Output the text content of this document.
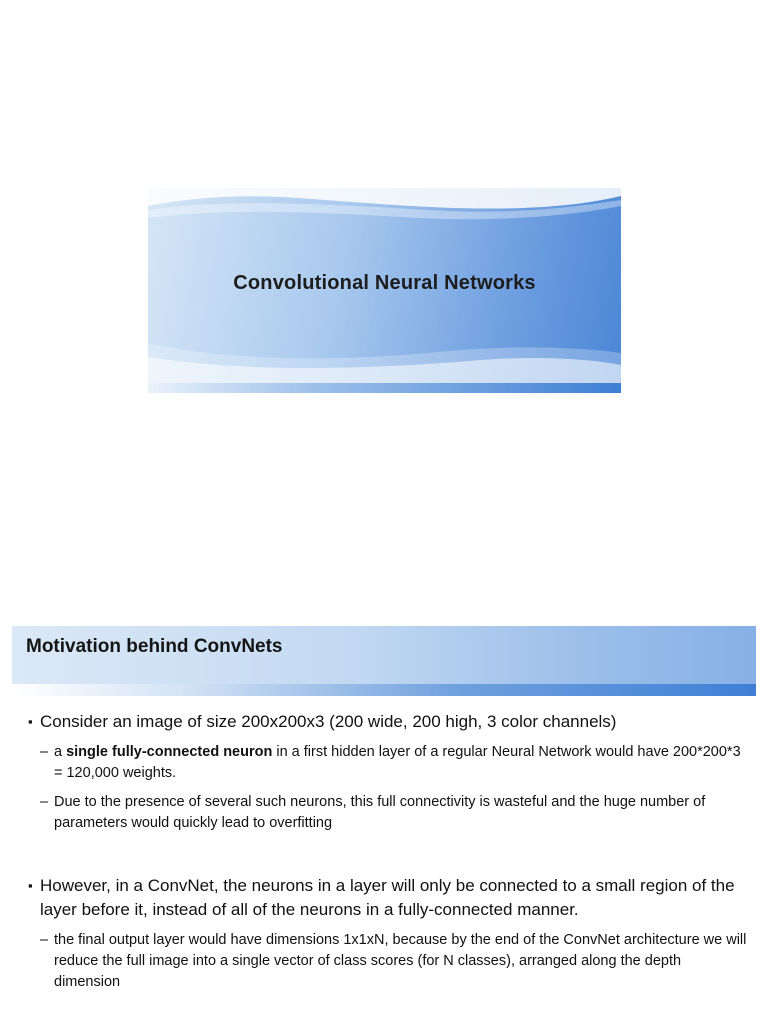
Convolutional Neural Networks
Motivation behind ConvNets
▪ Consider an image of size 200x200x3 (200 wide, 200 high, 3 color channels)
– a single fully-connected neuron in a first hidden layer of a regular Neural Network would have 200*200*3 = 120,000 weights.
– Due to the presence of several such neurons, this full connectivity is wasteful and the huge number of parameters would quickly lead to overfitting
▪ However, in a ConvNet, the neurons in a layer will only be connected to a small region of the layer before it, instead of all of the neurons in a fully-connected manner.
– the final output layer would have dimensions 1x1xN, because by the end of the ConvNet architecture we will reduce the full image into a single vector of class scores (for N classes), arranged along the depth dimension
